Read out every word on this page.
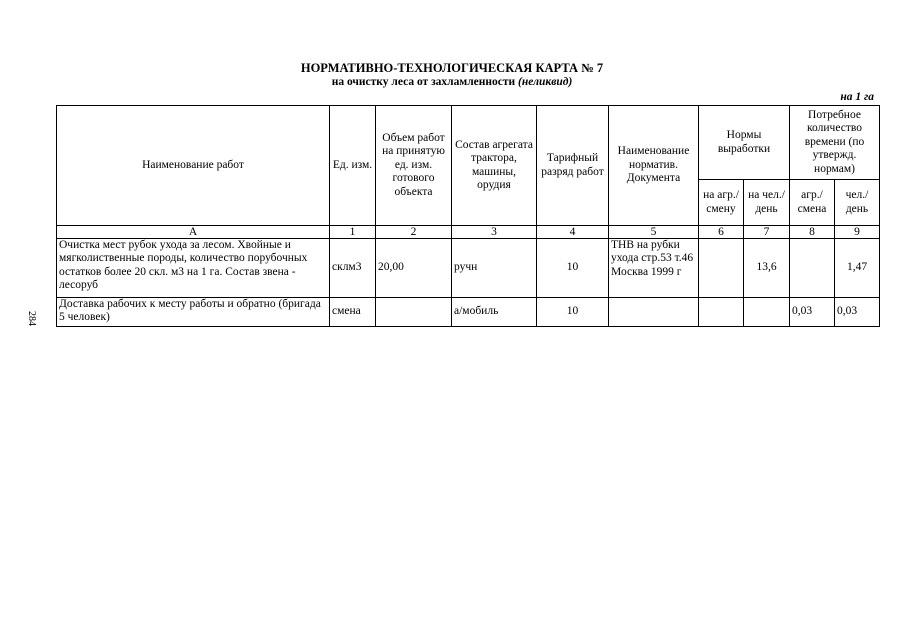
НОРМАТИВНО-ТЕХНОЛОГИЧЕСКАЯ КАРТА № 7
на очистку леса от захламленности (неликвид)
на 1 га
284
Наименование работ	Ед. изм.	Объем работ на принятую ед. изм. готового объекта	Состав агрегата трактора, машины, орудия	Тарифный разряд работ	Наименование норматив. Документа	Нормы выработки		Потребное количество времени (по утвержд. нормам)	
						на агр./ смену	на чел./ день	агр./ смена	чел./ день
А	1	2	3	4	5	6	7	8	9
Очистка мест рубок ухода за лесом. Хвойные и мягколиственные породы, количество порубочных остатков более 20 скл. м3 на 1 га. Состав звена - лесоруб	склм3	20,00	ручн	10	ТНВ на рубки ухода стр.53 т.46 Москва 1999 г		13,6		1,47
Доставка рабочих к месту работы и обратно (бригада 5 человек)	смена		а/мобиль	10				0,03	0,03
